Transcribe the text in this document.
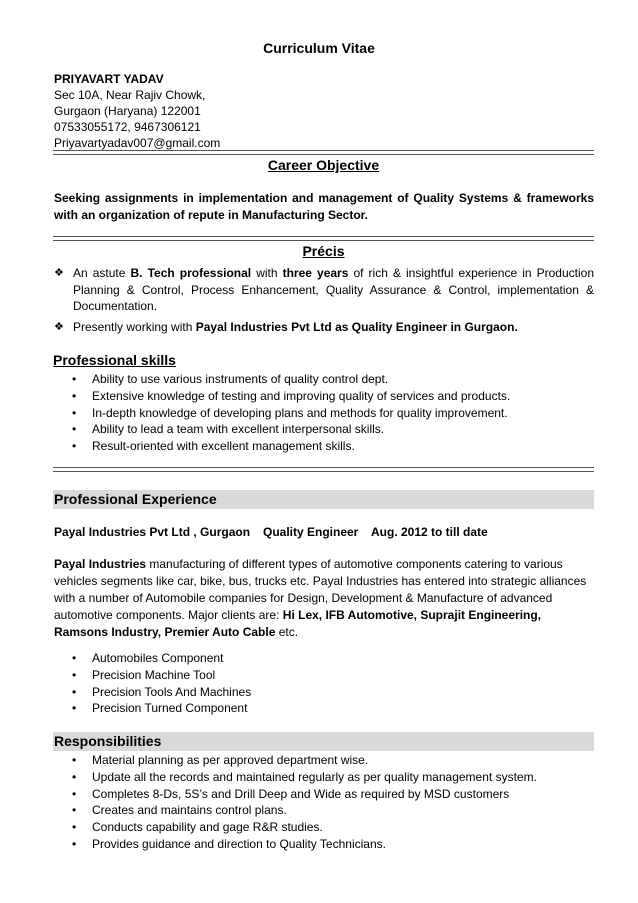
Curriculum Vitae
PRIYAVART YADAV
Sec 10A, Near Rajiv Chowk,
Gurgaon (Haryana) 122001
07533055172, 9467306121
Priyavartyadav007@gmail.com
Career Objective
Seeking assignments in implementation and management of Quality Systems & frameworks with an organization of repute in Manufacturing Sector.
Précis
❖ An astute B. Tech professional with three years of rich & insightful experience in Production Planning & Control, Process Enhancement, Quality Assurance & Control, implementation & Documentation.
❖ Presently working with Payal Industries Pvt Ltd as Quality Engineer in Gurgaon.
Professional skills
• Ability to use various instruments of quality control dept.
• Extensive knowledge of testing and improving quality of services and products.
• In-depth knowledge of developing plans and methods for quality improvement.
• Ability to lead a team with excellent interpersonal skills.
• Result-oriented with excellent management skills.
Professional Experience
Payal Industries Pvt Ltd , Gurgaon Quality Engineer Aug. 2012 to till date
Payal Industries manufacturing of different types of automotive components catering to various vehicles segments like car, bike, bus, trucks etc. Payal Industries has entered into strategic alliances with a number of Automobile companies for Design, Development & Manufacture of advanced automotive components. Major clients are: Hi Lex, IFB Automotive, Suprajit Engineering, Ramsons Industry, Premier Auto Cable etc.
• Automobiles Component
• Precision Machine Tool
• Precision Tools And Machines
• Precision Turned Component
Responsibilities
• Material planning as per approved department wise.
• Update all the records and maintained regularly as per quality management system.
• Completes 8-Ds, 5S’s and Drill Deep and Wide as required by MSD customers
• Creates and maintains control plans.
• Conducts capability and gage R&R studies.
• Provides guidance and direction to Quality Technicians.
